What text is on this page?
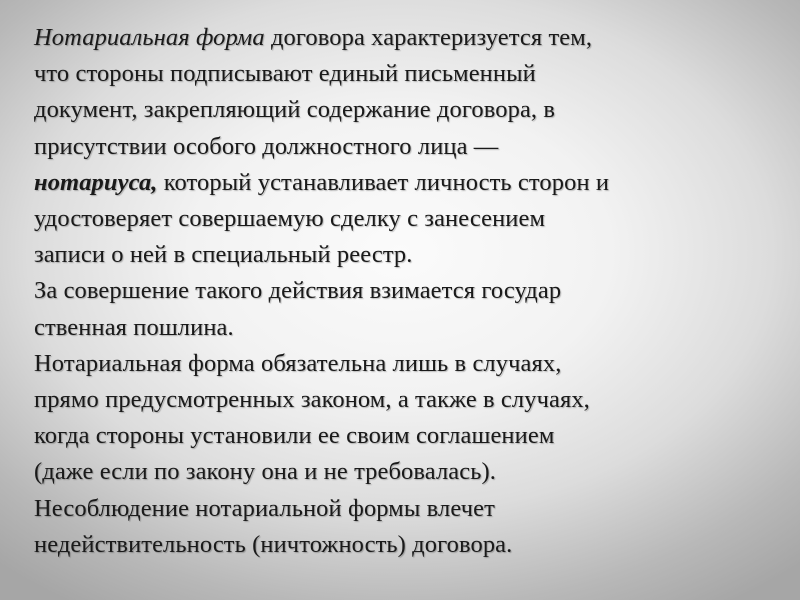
Нотариальная форма договора характеризуется тем,
что стороны подписывают единый письменный
документ, закрепляющий содержание договора, в
присутствии особого должностного лица —
нотариуса, который устанавливает личность сторон и
удостоверяет совершаемую сделку с занесением
записи о ней в специальный реестр.
За совершение такого действия взимается государ
ственная пошлина.
Нотариальная форма обязательна лишь в случаях,
прямо предусмотренных законом, а также в случаях,
когда стороны установили ее своим соглашением
(даже если по закону она и не требовалась).
Несоблюдение нотариальной формы влечет
недействительность (ничтожность) договора.
